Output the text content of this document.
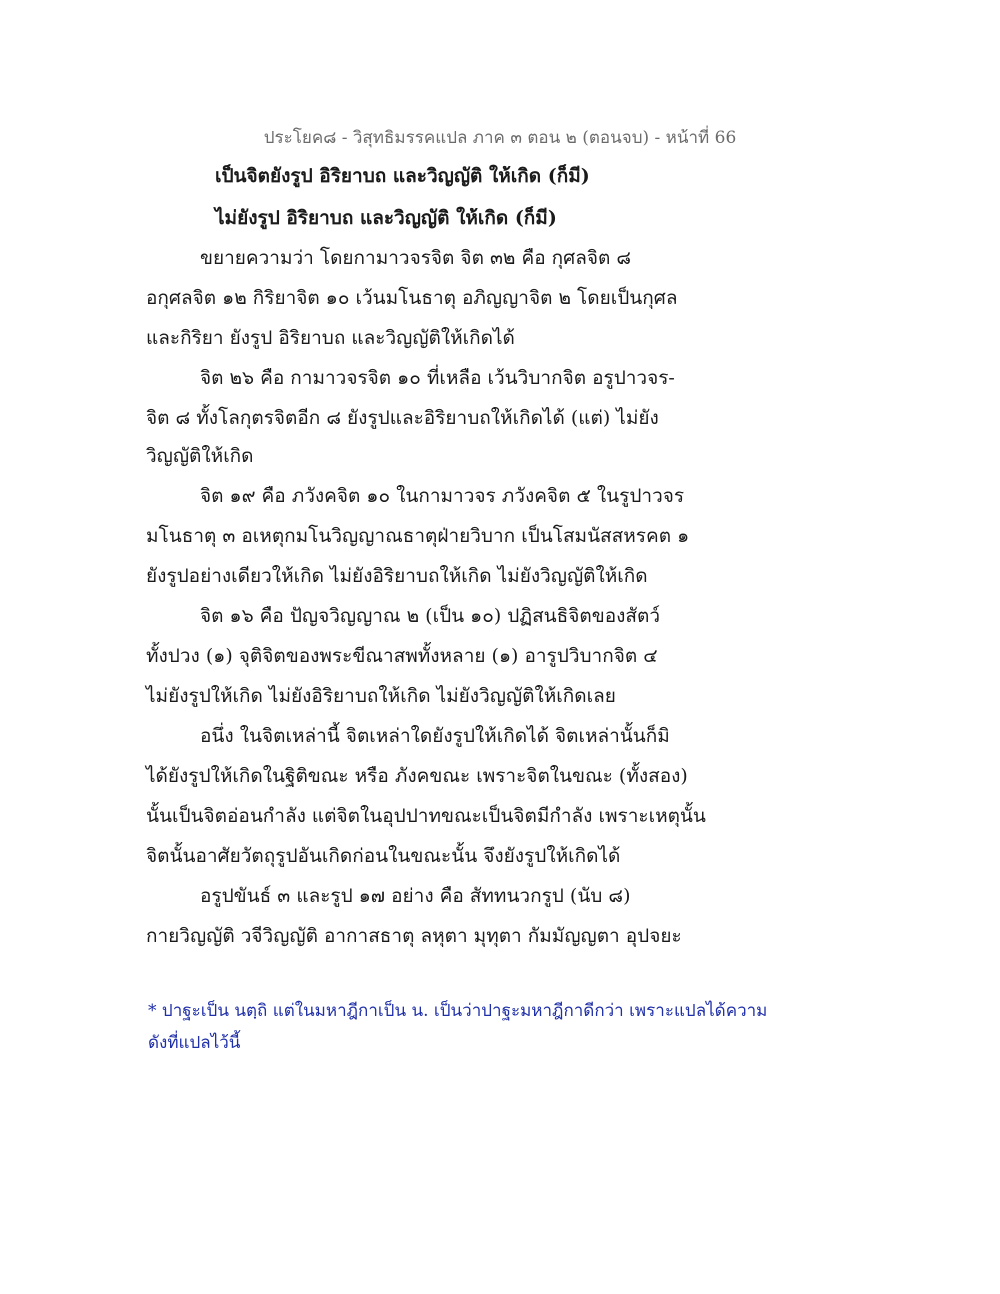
ประโยค๘ - วิสุทธิมรรคแปล ภาค ๓ ตอน ๒ (ตอนจบ) - หน้าที่ 66
เป็นจิตยังรูป อิริยาบถ และวิญญัติ ให้เกิด (ก็มี)
ไม่ยังรูป อิริยาบถ และวิญญัติ ให้เกิด (ก็มี)
ขยายความว่า โดยกามาวจรจิต จิต ๓๒ คือ กุศลจิต ๘
อกุศลจิต ๑๒ กิริยาจิต ๑๐ เว้นมโนธาตุ อภิญญาจิต ๒ โดยเป็นกุศล
และกิริยา ยังรูป อิริยาบถ และวิญญัติให้เกิดได้
จิต ๒๖ คือ กามาวจรจิต ๑๐ ที่เหลือ เว้นวิบากจิต อรูปาวจร-
จิต ๘ ทั้งโลกุตรจิตอีก ๘ ยังรูปและอิริยาบถให้เกิดได้ (แต่) ไม่ยัง
วิญญัติให้เกิด
จิต ๑๙ คือ ภวังคจิต ๑๐ ในกามาวจร ภวังคจิต ๕ ในรูปาวจร
มโนธาตุ ๓ อเหตุกมโนวิญญาณธาตุฝ่ายวิบาก เป็นโสมนัสสหรคต ๑
ยังรูปอย่างเดียวให้เกิด ไม่ยังอิริยาบถให้เกิด ไม่ยังวิญญัติให้เกิด
จิต ๑๖ คือ ปัญจวิญญาณ ๒ (เป็น ๑๐) ปฏิสนธิจิตของสัตว์
ทั้งปวง (๑) จุติจิตของพระขีณาสพทั้งหลาย (๑) อารูปวิบากจิต ๔
ไม่ยังรูปให้เกิด ไม่ยังอิริยาบถให้เกิด ไม่ยังวิญญัติให้เกิดเลย
อนึ่ง ในจิตเหล่านี้ จิตเหล่าใดยังรูปให้เกิดได้ จิตเหล่านั้นก็มิ
ได้ยังรูปให้เกิดในฐิติขณะ หรือ ภังคขณะ เพราะจิตในขณะ (ทั้งสอง)
นั้นเป็นจิตอ่อนกำลัง แต่จิตในอุปปาทขณะเป็นจิตมีกำลัง เพราะเหตุนั้น
จิตนั้นอาศัยวัตถุรูปอันเกิดก่อนในขณะนั้น จึงยังรูปให้เกิดได้
อรูปขันธ์ ๓ และรูป ๑๗ อย่าง คือ สัททนวกรูป (นับ ๘)
กายวิญญัติ วจีวิญญัติ อากาสธาตุ ลหุตา มุทุตา กัมมัญญตา อุปจยะ
* ปาฐะเป็น นตฺถิ แต่ในมหาฎีกาเป็น น. เป็นว่าปาฐะมหาฎีกาดีกว่า เพราะแปลได้ความ
ดังที่แปลไว้นี้
